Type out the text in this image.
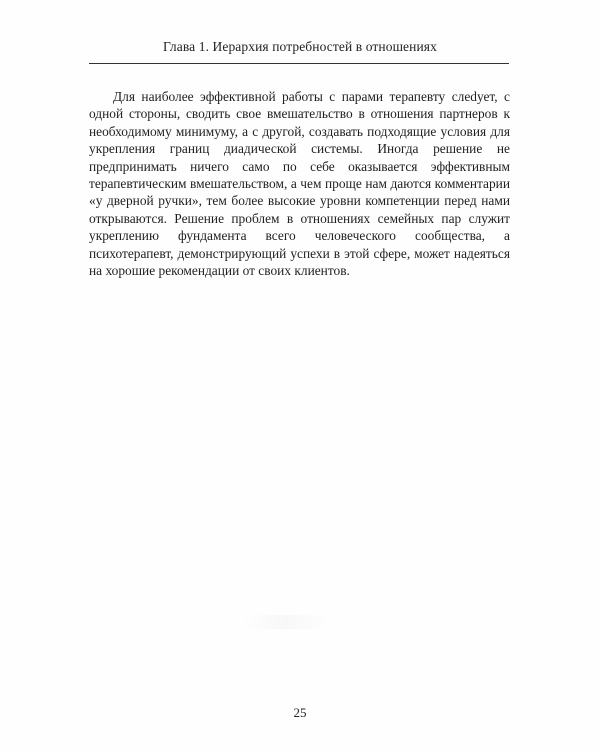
Глава 1. Иерархия потребностей в отношениях

Для наиболее эффективной работы с парами терапевту слеdует, с одной стороны, сводить свое вмешательство в отношения партнеров к необходимому минимуму, а с другой, создавать подходящие условия для укрепления границ диадической системы. Иногда решение не предпринимать ничего само по себе оказывается эффективным терапевтическим вмешательством, а чем проще нам даются комментарии «у дверной ручки», тем более высокие уровни компетенции перед нами открываются. Решение проблем в отношениях семейных пар служит укреплению фундамента всего человеческого сообщества, а психотерапевт, демонстрирующий успехи в этой сфере, может надеяться на хорошие рекомендации от своих клиентов.

25
